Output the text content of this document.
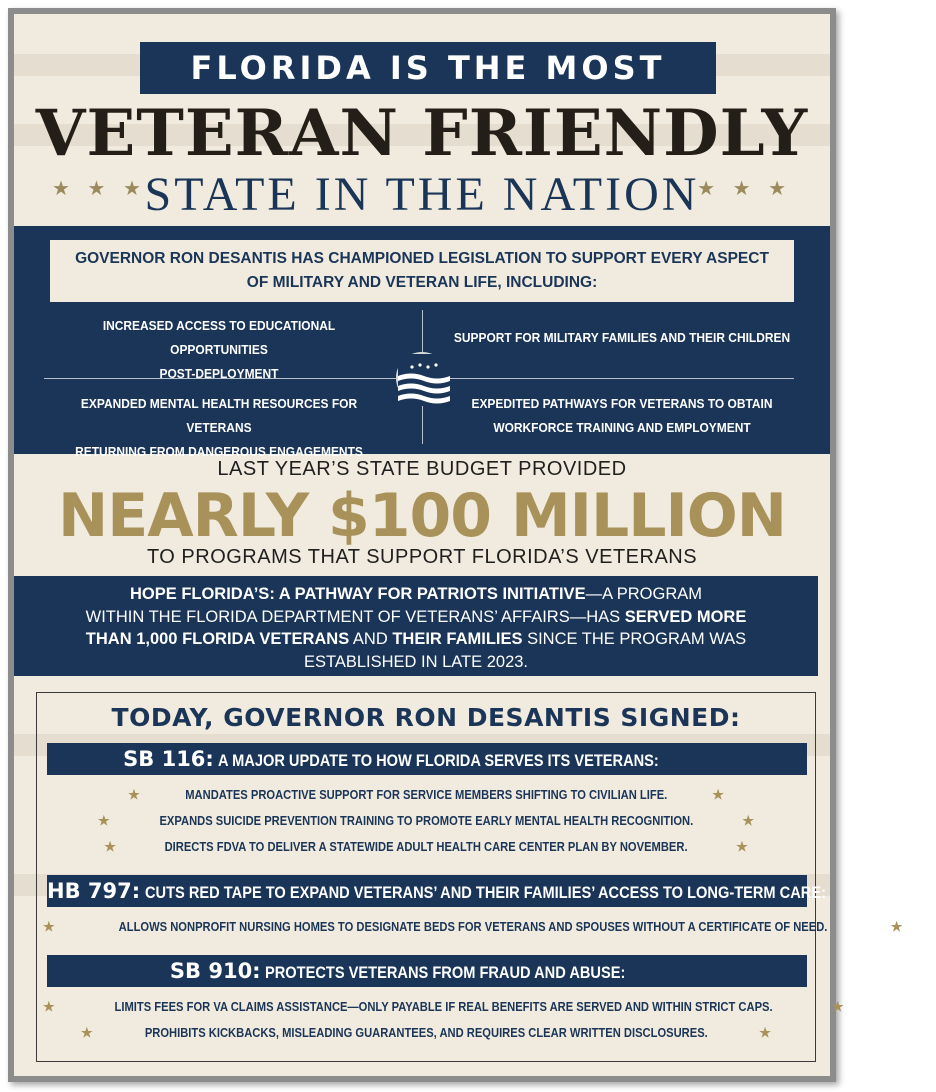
FLORIDA IS THE MOST
VETERAN FRIENDLY
★ ★ ★
STATE IN THE NATION
★ ★ ★
GOVERNOR RON DESANTIS HAS CHAMPIONED LEGISLATION TO SUPPORT EVERY ASPECT
OF MILITARY AND VETERAN LIFE, INCLUDING:
INCREASED ACCESS TO EDUCATIONAL OPPORTUNITIES
POST-DEPLOYMENT
SUPPORT FOR MILITARY FAMILIES AND THEIR CHILDREN
EXPANDED MENTAL HEALTH RESOURCES FOR VETERANS
RETURNING FROM DANGEROUS ENGAGEMENTS
EXPEDITED PATHWAYS FOR VETERANS TO OBTAIN
WORKFORCE TRAINING AND EMPLOYMENT
LAST YEAR’S STATE BUDGET PROVIDED
NEARLY $100 MILLION
TO PROGRAMS THAT SUPPORT FLORIDA’S VETERANS
HOPE FLORIDA’S: A PATHWAY FOR PATRIOTS INITIATIVE—A PROGRAM
WITHIN THE FLORIDA DEPARTMENT OF VETERANS’ AFFAIRS—HAS SERVED MORE
THAN 1,000 FLORIDA VETERANS AND THEIR FAMILIES SINCE THE PROGRAM WAS
ESTABLISHED IN LATE 2023.
TODAY, GOVERNOR RON DESANTIS SIGNED:
SB 116: A MAJOR UPDATE TO HOW FLORIDA SERVES ITS VETERANS:
★	MANDATES PROACTIVE SUPPORT FOR SERVICE MEMBERS SHIFTING TO CIVILIAN LIFE.	★
★	EXPANDS SUICIDE PREVENTION TRAINING TO PROMOTE EARLY MENTAL HEALTH RECOGNITION.	★
★	DIRECTS FDVA TO DELIVER A STATEWIDE ADULT HEALTH CARE CENTER PLAN BY NOVEMBER.	★
HB 797: CUTS RED TAPE TO EXPAND VETERANS’ AND THEIR FAMILIES’ ACCESS TO LONG-TERM CARE:
★	ALLOWS NONPROFIT NURSING HOMES TO DESIGNATE BEDS FOR VETERANS AND SPOUSES WITHOUT A CERTIFICATE OF NEED.	★
SB 910: PROTECTS VETERANS FROM FRAUD AND ABUSE:
★	LIMITS FEES FOR VA CLAIMS ASSISTANCE—ONLY PAYABLE IF REAL BENEFITS ARE SERVED AND WITHIN STRICT CAPS.	★
★	PROHIBITS KICKBACKS, MISLEADING GUARANTEES, AND REQUIRES CLEAR WRITTEN DISCLOSURES.	★
